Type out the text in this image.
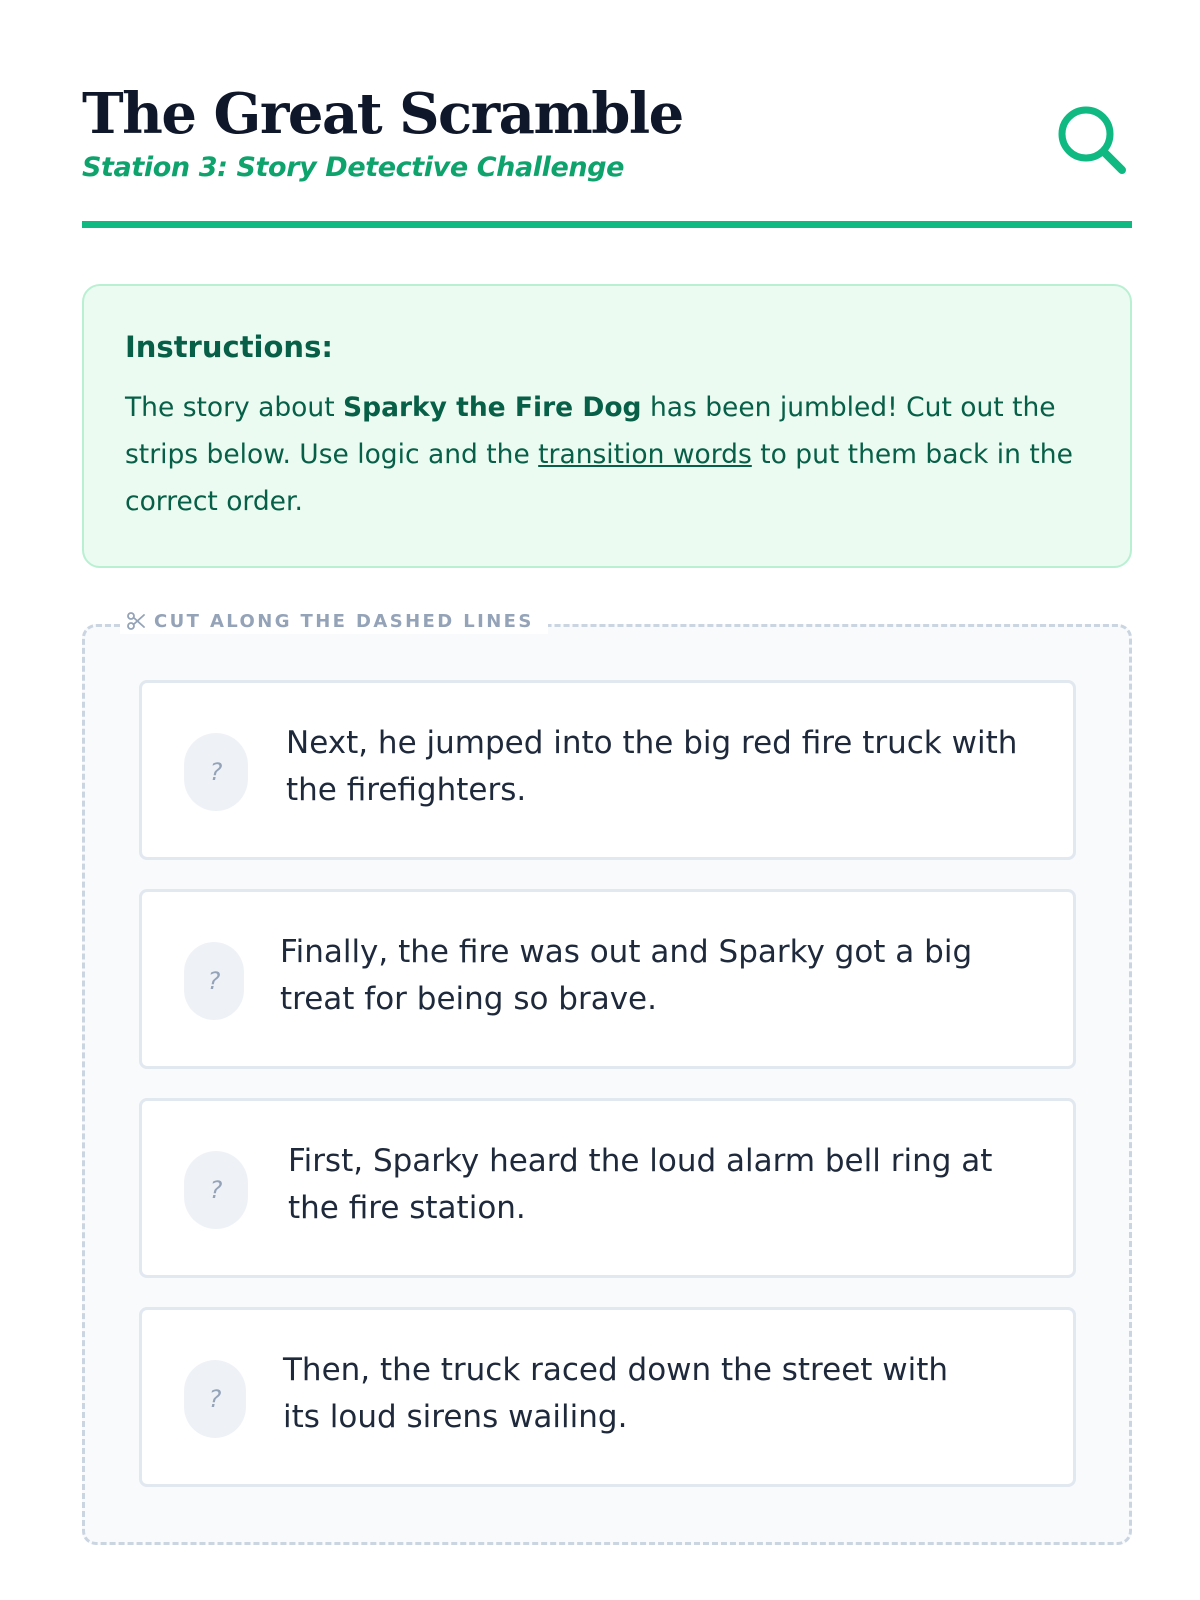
The Great Scramble
Station 3: Story Detective Challenge
Instructions:

The story about Sparky the Fire Dog has been jumbled! Cut out the strips below. Use logic and the transition words to put them back in the correct order.

CUT ALONG THE DASHED LINES
?
Next, he jumped into the big red fire truck with the firefighters.
?
Finally, the fire was out and Sparky got a big treat for being so brave.
?
First, Sparky heard the loud alarm bell ring at the fire station.
?
Then, the truck raced down the street with its loud sirens wailing.
